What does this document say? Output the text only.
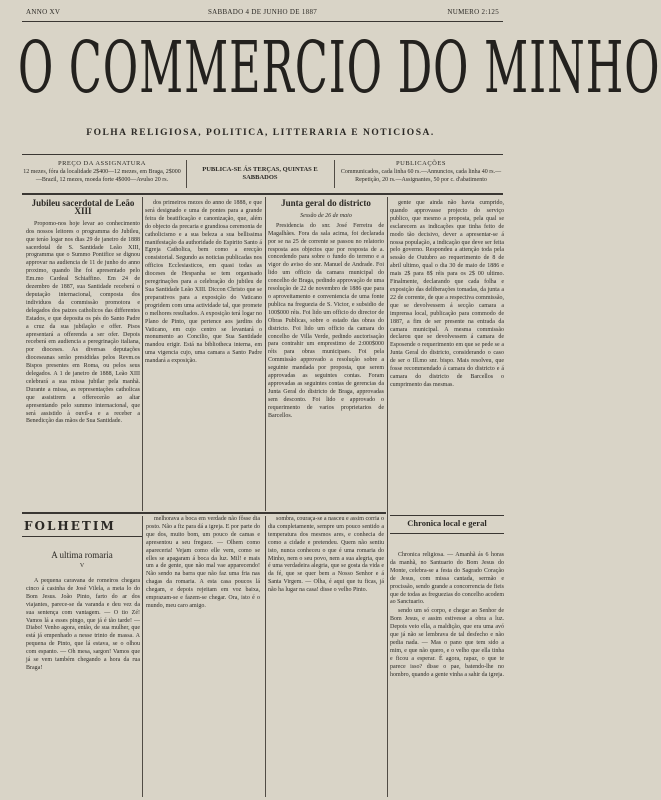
ANNO XV	SABBADO 4 DE JUNHO DE 1887	NUMERO 2:125
O COMMERCIO DO MINHO
FOLHA RELIGIOSA, POLITICA, LITTERARIA E NOTICIOSA.
PREÇO DA ASSIGNATURA
12 mezes, fóra da localidade 2$400—12 mezes, em Braga, 2$000—Brazil, 12 mezes, moeda forte 4$000—Avulso 20 rs.
PUBLICA-SE ÁS TERÇAS, QUINTAS E SABBADOS
PUBLICAÇÕES
Communicados, cada linha 60 rs.—Annuncios, cada linha 40 rs.—Repetição, 20 rs.—Assignantes, 50 por c. d'abatimento
Jubileu sacerdotal de Leão XIII

Propomo-nos hoje levar ao conhecimento dos nossos leitores o programma do Jubileu, que teráo logar nos dias 29 de janeiro de 1888 sacerdotal de S. Santidade Leão XIII, programma que o Summo Pontifice se dignou approvar na audiencia de 11 de junho do anno proximo, quando lhe foi apresentado pelo Em.mo Cardeal Schiaffino. Em 24 de dezembro de 1887, sua Santidade receberá o deputação internacional, composta dos individuos da commissão promotora e delegados dos paizes catholicos das differentes Estados, e que deposita os pés do Santo Padre a cruz da sua jubilação e offer. Pisos apresentará a offerenda a ser ofer. Depois receberá em audiencia a peregrinação italiana, por dioceses. As diversas deputações dioceseanas serão presididas pelos Revm.os Bispos presentes em Roma, ou pelos seus delegados. A 1 de janeiro de 1888, Leão XIII celebrará a sua missa jubilar pela manhã. Durante a missa, as representações catholicas que assistirem a offerecerão ao altar apresentando pelo summo internacional, que será assistido à ouvil-a e a receber a Benedicção das mãos de Sua Santidade.

dos primeiros mezes do anno de 1888, e que será designado e uma de pontes para a grande feira de beatificação e canonização, que, além do objecto da precaria e grandiosa ceremonia de catholicismo e a sua beleza a sua bellissima manifestação da authoridade do Espirito Santo á Egreja Catholica, bem como a erecção consistorial. Segundo as noticias publicadas nos officios Ecclesiasticos, em quasi todas as dioceses de Hespanha se tem organisado peregrinações para a celebração do jubileu de Sua Santidade Leão XIII. Diccon Christo que se preparativos para a exposição do Vaticano progridem com uma actividade tal, que promete o melhores resultados. A exposição terá logar no Plano de Pinto, que pertence aos jardins do Vaticano, em cujo centro se levantará o monumento ao Concilio, que Sua Santidade mandou erigir. Está na bibliotheca interna, em uma vigencia cujo, uma camara a Santo Padre mandará a exposição.

Junta geral do districto
Sessão de 26 de maio

Presidencia do snr. José Ferreira de Magalhães. Fora da sala acima, foi declarada por se na 25 de corrente se passou no relatorio resposta aos objectos que por resposta de a. concedendo para sobre o fundo do terreno e a vigor do aviso do snr. Manuel de Andrade. Foi lido um officio da camara municipal do concelho de Braga, pedindo approvação de uma resolução de 22 de novembro de 1886 que para o aproveitamento e conveniencia de uma fonte publica na freguezia de S. Victor, e subsidio de 100$000 réis. Foi lido um officio do director de Obras Publicas, sobre o estado das obras do districto. Foi lido um officio da camara do concelho de Villa Verde, pedindo auctorisação para contrahir um emprestimo de 2:000$000 réis para obras municipaes. Foi pela Commissão approvado a resolução sobre a seguinte mandada por proposta, que serem approvadas as seguintes contas. Foram approvadas as seguintes contas de gerencias da Junta Geral do districto de Braga, approvadas sem desconto. Foi lido e approvado o requerimento de varios proprietarios de Barcellos.

gente que ainda não havia cumprido, quando approvasse projecto do serviço publico, que mesmo a proposta, pela qual se esclarecem as indicações que tinha feito de modo tão decisivo, dever a apresentar-se á nossa população, a indicação que deve ser feita pelo governo. Respondeu a attenção toda pela sessão de Outubro ao requerimento de 8 de abril ultimo, qual o dia 30 de maio de 1886 e mais 2$ para 8$ réis para os 2$ 00 ultimo. Finalmente, declarando que cada folha e exposição das deliberações tomadas, da junta a 22 de corrente, de que a respectiva commissão, que se devolvessem á secção camara a imprensa local, publicação para commodo de 1887, a fim de ser presente na entrada da camara municipal. A mesma commissão declarou que se devolvessem á camara de Esposende o requerimento em que se pede se a Junta Geral do districto, considerando o caso de ser o Ill.mo snr. bispo. Mais resolveu, que fosse recommendado á camara do districto e á camara do districto de Barcellos o cumprimento das mesmas.

FOLHETIM
A ultima romaria
V

A pequena caravana de romeiros chegara cinco á casinha de José Vilela, a meia lo do Bom Jesus. João Pinto, farto do ar dos viajantes, parece-se da varanda e deu vez da sua sentença com vantagem. — O tio Zé! Vamos lá a esses pingo, que já é tão tarde! — Diabo! Venho agora, então, de sua mulher, que está já empenhado a nesse trinto de massa. A pequena de Pinto, que lá estava, se o olhou com espanto. — Oh mesa, sargon! Vamos que já se vem também chegando a hora da rua Braga!

melhorava a boca em verdade não fôsse dia posto. Não a fiz para dá a igreja. E por parte do que dos, muito bom, um pouco de camas e apresentou a seu freguez. — Olhem como apareceria! Vejam como elle vem, como se elles se apagaram á boca da luz. Mil! e mais um a de gente, que não mal vae apparecendo! Não sendo na barra que não faz uma fria nas chagas da romaria. A esta casa poucos lá chegam, e depois rejeitam em voz baixa, emprazam-se e fazem-se chegar. Ora, isto é o mundo, meu caro amigo.

sombra, couraça-se a nasceu e assim corria o dia completamente, sempre um pouco sentido a temperatura dos mesmos ares, e conhecia de como a cidade e pretendeu. Quem não sentiu isto, nunca conheceu o que é uma romaria do Minho, nem o seu povo, nem a sua alegria, que é uma verdadeira alegria, que se gosta da vida e da fé, que se quer bem a Nosso Senhor e á Santa Virgem. — Olha, é aqui que tu ficas, já não ha lugar na casa! disse o velho Pinto.

Chronica local e geral

Chronica religiosa. — Amanhã ás 6 horas da manhã, no Santuario do Bom Jesus do Monte, celebra-se a festa do Sagrado Coração de Jesus, com missa cantada, sermão e procissão, sendo grande a concorrencia de fieis que de todas as freguezias do concelho acodem ao Sanctuario.

sendo um só corpo, e chegar ao Senhor de Bom Jesus, e assim estivesse a obra a luz. Depois veio ella, a maldição, que era uma avó que já não se lembrava de tal desfecho e não pedia nada. — Mas o pano que tem sido a mim, e que não quero, e o velho que ella tinha e ficou a esperar. É agora, rapaz, o que te parece isso? disse o pae, batendo-lhe no hombro, quando a gente vinha a sahir da igreja.
